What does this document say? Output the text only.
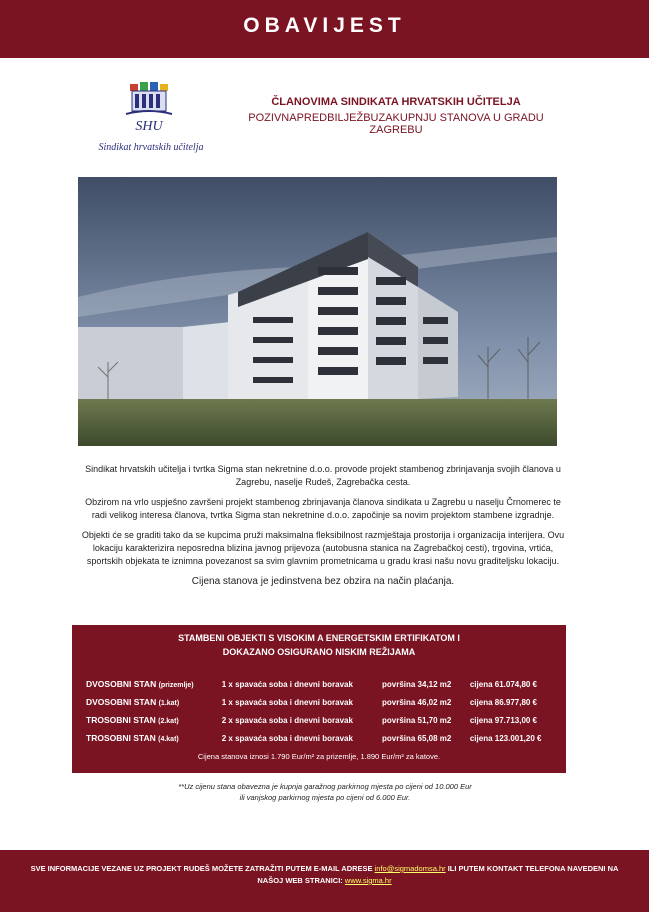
OBAVIJEST
SHU
Sindikat hrvatskih učitelja
ČLANOVIMA SINDIKATA HRVATSKIH UČITELJA
POZIVNAPREDBILJEŽBUZAKUPNJU STANOVA U GRADU ZAGREBU

Sindikat hrvatskih učitelja i tvrtka Sigma stan nekretnine d.o.o. provode projekt stambenog zbrinjavanja svojih članova u Zagrebu, naselje Rudeš, Zagrebačka cesta.

Obzirom na vrlo uspješno završeni projekt stambenog zbrinjavanja članova sindikata u Zagrebu u naselju Črnomerec te radi velikog interesa članova, tvrtka Sigma stan nekretnine d.o.o. započinje sa novim projektom stambene izgradnje.

Objekti će se graditi tako da se kupcima pruži maksimalna fleksibilnost razmještaja prostorija i organizacija interijera. Ovu lokaciju karakterizira neposredna blizina javnog prijevoza (autobusna stanica na Zagrebačkoj cesti), trgovina, vrtića, sportskih objekata te iznimna povezanost sa svim glavnim prometnicama u gradu krasi našu novu graditeljsku lokaciju.

Cijena stanova je jedinstvena bez obzira na način plaćanja.

STAMBENI OBJEKTI S VISOKIM A ENERGETSKIM ERTIFIKATOM I
DOKAZANO OSIGURANO NISKIM REŽIJAMA
DVOSOBNI STAN (prizemlje)	1 x spavaća soba i dnevni boravak	površina 34,12 m2	cijena 61.074,80 €
DVOSOBNI STAN (1.kat)	1 x spavaća soba i dnevni boravak	površina 46,02 m2	cijena 86.977,80 €
TROSOBNI STAN (2.kat)	2 x spavaća soba i dnevni boravak	površina 51,70 m2	cijena 97.713,00 €
TROSOBNI STAN (4.kat)	2 x spavaća soba i dnevni boravak	površina 65,08 m2	cijena 123.001,20 €
Cijena stanova iznosi 1.790 Eur/m² za prizemlje, 1.890 Eur/m² za katove.
**Uz cijenu stana obavezna je kupnja garažnog parkirnog mjesta po cijeni od 10.000 Eur
ili vanjskog parkirnog mjesta po cijeni od 6.000 Eur.
SVE INFORMACIJE VEZANE UZ PROJEKT RUDEŠ MOŽETE ZATRAŽITI PUTEM E-MAIL ADRESE info@sigmadomsa.hr ILI PUTEM KONTAKT TELEFONA NAVEDENI NA NAŠOJ WEB STRANICI: www.sigma.hr
